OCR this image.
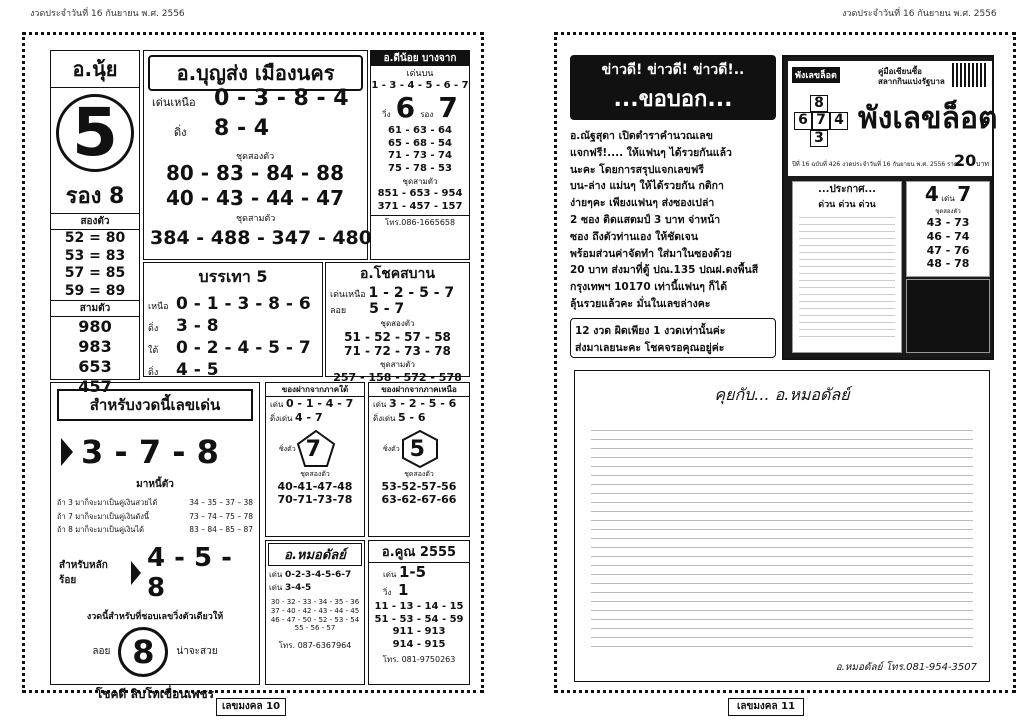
งวดประจำวันที่ 16 กันยายน พ.ศ. 2556
อ.นุ้ย
5
รอง 8
สองตัว
52 = 80
53 = 83
57 = 85
59 = 89
สามตัว
980
983
653
457
อ.บุญส่ง เมืองนคร
เด่นเหนือ 0 - 3 - 8 - 4
ดิ่ง 8 - 4
ชุดสองตัว
80 - 83 - 84 - 88
40 - 43 - 44 - 47
ชุดสามตัว
384 - 488 - 347 - 480
อ.ดีน้อย บางจาก
เด่นบน
1 - 3 - 4 - 5 - 6 - 7
วิ่ง 6 รอง 7
61 - 63 - 64
65 - 68 - 54
71 - 73 - 74
75 - 78 - 53
ชุดสามตัว
851 - 653 - 954
371 - 457 - 157
โทร.086-1665658
บรรเทา 5
เหนือ 0 - 1 - 3 - 8 - 6
ดิ่ง 3 - 8
ใต้ 0 - 2 - 4 - 5 - 7
ดิ่ง 4 - 5
อ.โชคสบาน
เด่นเหนือ 1 - 2 - 5 - 7
ลอย 5 - 7
ชุดสองตัว
51 - 52 - 57 - 58
71 - 72 - 73 - 78
ชุดสามตัว
257 - 158 - 572 - 578
สำหรับงวดนี้เลขเด่น
3 - 7 - 8
มาหนี้ตัว
ถ้า 3 มาก็จะมาเป็นคู่เงินสวยได้	34 – 35 – 37 – 38
ถ้า 7 มาก็จะมาเป็นคู่เงินดังนี้	73 – 74 – 75 – 78
ถ้า 8 มาก็จะมาเป็นคู่เงินได้	83 – 84 – 85 – 87
สำหรับหลักร้อย
4 - 5 - 8
งวดนี้สำหรับที่ชอบเลขวิ่งตัวเดียวให้
ลอย 8 น่าจะสวย
โชคดี ลิบโทเขื่อนเพชร
ของฝากจากภาคใต้
เด่น 0 - 1 - 4 - 7
ดิ่งเด่น 4 - 7
ซิ่งตัว 7
ชุดสองตัว
40-41-47-48
70-71-73-78
ของฝากจากภาคเหนือ
เด่น 3 - 2 - 5 - 6
ดิ่งเด่น 5 - 6
ซิ่งตัว 5
ชุดสองตัว
53-52-57-56
63-62-67-66
อ.หมอดัลย์
เด่น 0-2-3-4-5-6-7
เด่น 3-4-5
30 - 32 - 33 - 34 - 35 - 36
37 - 40 - 42 - 43 - 44 - 45
46 - 47 - 50 - 52 - 53 - 54
55 - 56 - 57
โทร. 087-6367964
อ.คูณ 2555
เด่น 1-5
วิ่ง 1
11 - 13 - 14 - 15
51 - 53 - 54 - 59
911 - 913
914 - 915
โทร. 081-9750263
เลขมงคล 10
งวดประจำวันที่ 16 กันยายน พ.ศ. 2556
ข่าวดี! ข่าวดี! ข่าวดี!..
...ขอบอก...
อ.ณัฐสุดา เปิดตำราคำนวณเลข
แจกฟรี!.... ให้แฟนๆ ได้รวยกันแล้ว
นะคะ โดยการสรุปแจกเลขฟรี
บน-ล่าง แม่นๆ ให้ได้รวยกัน กติกา
ง่ายๆคะ เพียงแฟนๆ ส่งซองเปล่า
2 ซอง ติดแสตมป์ 3 บาท จ่าหน้า
ซอง ถึงตัวท่านเอง ให้ชัดเจน
พร้อมส่วนค่าจัดทำ ใส่มาในซองด้วย
20 บาท ส่งมาที่ตู้ ปณ.135 ปณฝ.ดงพื้นสี
กรุงเทพฯ 10170 เท่านี้แฟนๆ ก็ได้
ลุ้นรวยแล้วคะ มั่นในเลขล่างคะ
12 งวด ผิดเพียง 1 งวดเท่านั้นค่ะ
ส่งมาเลยนะคะ โชคจรอคุณอยู่ค่ะ
พังเลขล็อต	คู่มือเซียนซื้อ
สลากกินแบ่งรัฐบาล
8
6 7 4
3
พังเลขล็อต
ปีที่ 16 ฉบับที่ 426 งวดประจำวันที่ 16 กันยายน พ.ศ. 2556 ราคา
20 บาท
...ประกาศ...
ด่วน ด่วน ด่วน	4 เด่น 7
ชุดสองตัว
43 - 73
46 - 74
47 - 76
48 - 78
คุยกับ... อ.หมอดัลย์
อ.หมอดัลย์ โทร.081-954-3507
เลขมงคล 11
